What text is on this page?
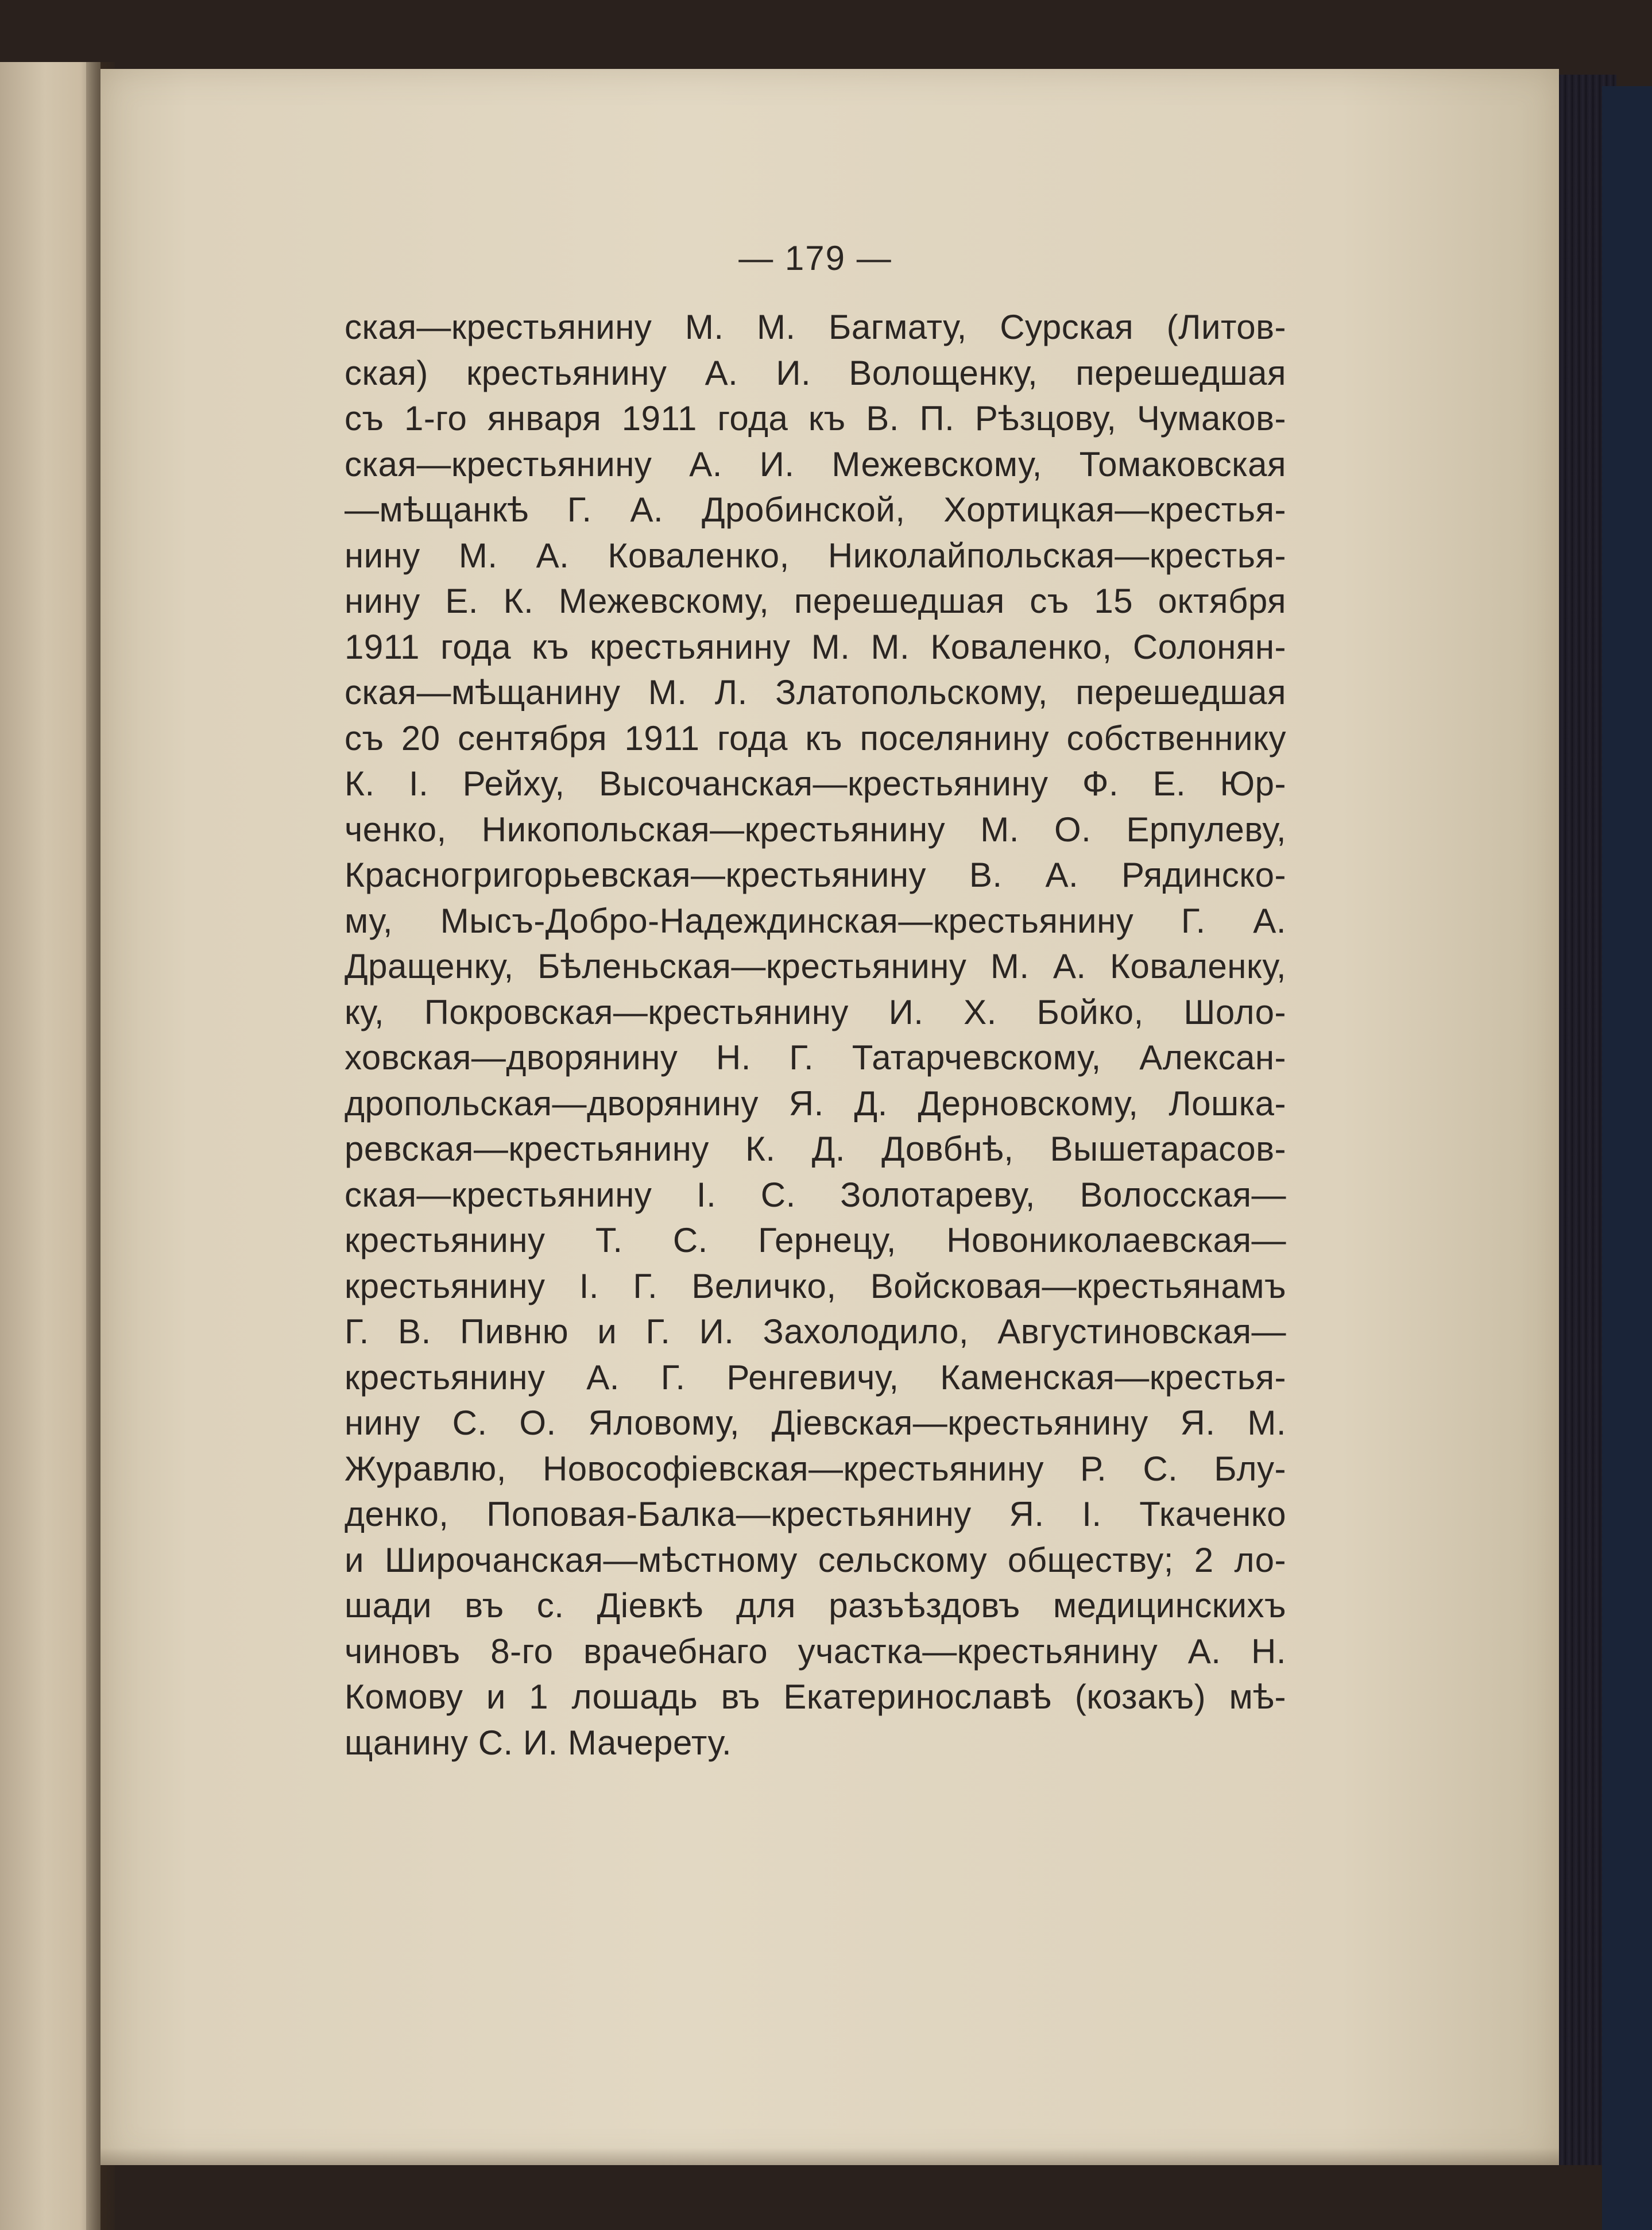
— 179 —
ская—крестьянину М. М. Багмату, Сурская (Литов-
ская) крестьянину А. И. Волощенку, перешедшая
съ 1-го января 1911 года къ В. П. Рѣзцову, Чумаков-
ская—крестьянину А. И. Межевскому, Томаковская
—мѣщанкѣ Г. А. Дробинской, Хортицкая—крестья-
нину М. А. Коваленко, Николайпольская—крестья-
нину Е. К. Межевскому, перешедшая съ 15 октября
1911 года къ крестьянину М. М. Коваленко, Солонян-
ская—мѣщанину М. Л. Златопольскому, перешедшая
съ 20 сентября 1911 года къ поселянину собственнику
К. І. Рейху, Высочанская—крестьянину Ф. Е. Юр-
ченко, Никопольская—крестьянину М. О. Ерпулеву,
Красногригорьевская—крестьянину В. А. Рядинско-
му, Мысъ-Добро-Надеждинская—крестьянину Г. А.
Дращенку, Бѣленьская—крестьянину М. А. Коваленку,
ку, Покровская—крестьянину И. Х. Бойко, Шоло-
ховская—дворянину Н. Г. Татарчевскому, Алексан-
дропольская—дворянину Я. Д. Дерновскому, Лошка-
ревская—крестьянину К. Д. Довбнѣ, Вышетарасов-
ская—крестьянину І. С. Золотареву, Волосская—
крестьянину Т. С. Гернецу, Новониколаевская—
крестьянину І. Г. Величко, Войсковая—крестьянамъ
Г. В. Пивню и Г. И. Захолодило, Августиновская—
крестьянину А. Г. Ренгевичу, Каменская—крестья-
нину С. О. Яловому, Діевская—крестьянину Я. М.
Журавлю, Новософіевская—крестьянину Р. С. Блу-
денко, Поповая-Балка—крестьянину Я. І. Ткаченко
и Широчанская—мѣстному сельскому обществу; 2 ло-
шади въ с. Діевкѣ для разъѣздовъ медицинскихъ
чиновъ 8-го врачебнаго участка—крестьянину А. Н.
Комову и 1 лошадь въ Екатеринославѣ (козакъ) мѣ-
щанину С. И. Мачерету.
